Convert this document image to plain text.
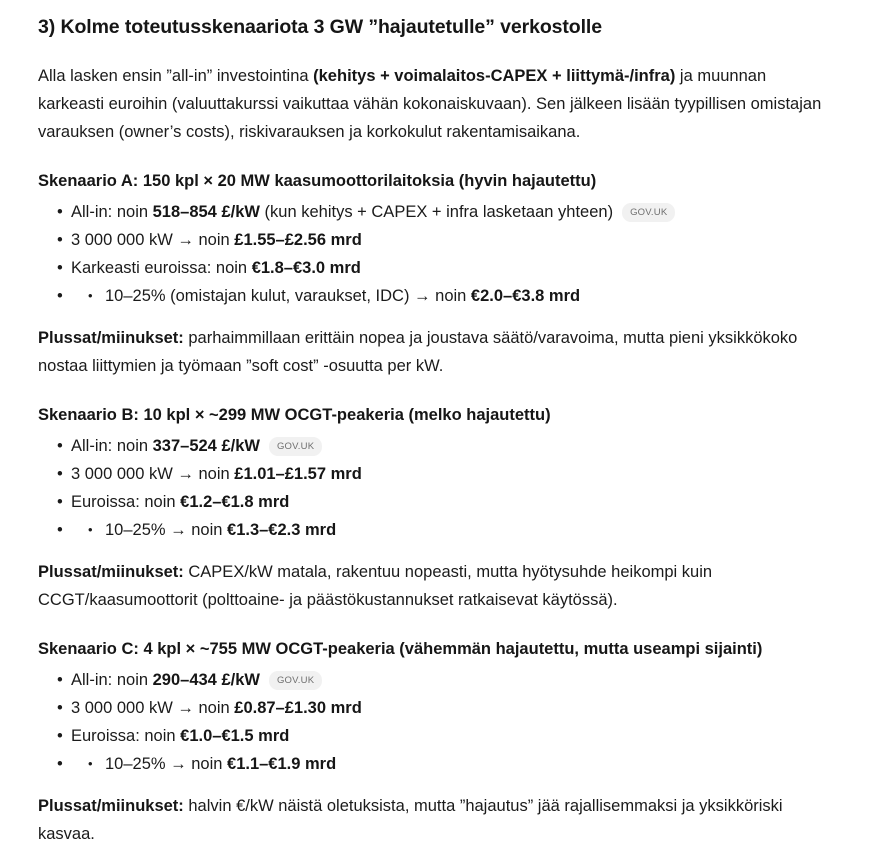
3) Kolme toteutusskenaariota 3 GW ”hajautetulle” verkostolle

Alla lasken ensin ”all-in” investointina (kehitys + voimalaitos-CAPEX + liittymä-/infra) ja muunnan karkeasti euroihin (valuuttakurssi vaikuttaa vähän kokonaiskuvaan). Sen jälkeen lisään tyypillisen omistajan varauksen (owner’s costs), riskivarauksen ja korkokulut rakentamisaikana.

Skenaario A: 150 kpl × 20 MW kaasumoottorilaitoksia (hyvin hajautettu)
• All-in: noin 518–854 £/kW (kun kehitys + CAPEX + infra lasketaan yhteen) GOV.UK
• 3 000 000 kW → noin £1.55–£2.56 mrd
• Karkeasti euroissa: noin €1.8–€3.0 mrd
• • 10–25% (omistajan kulut, varaukset, IDC) → noin €2.0–€3.8 mrd

Plussat/miinukset: parhaimmillaan erittäin nopea ja joustava säätö/varavoima, mutta pieni yksikkökoko nostaa liittymien ja työmaan ”soft cost” -osuutta per kW.

Skenaario B: 10 kpl × ~299 MW OCGT-peakeria (melko hajautettu)
• All-in: noin 337–524 £/kW GOV.UK
• 3 000 000 kW → noin £1.01–£1.57 mrd
• Euroissa: noin €1.2–€1.8 mrd
• • 10–25% → noin €1.3–€2.3 mrd

Plussat/miinukset: CAPEX/kW matala, rakentuu nopeasti, mutta hyötysuhde heikompi kuin CCGT/kaasumoottorit (polttoaine- ja päästökustannukset ratkaisevat käytössä).

Skenaario C: 4 kpl × ~755 MW OCGT-peakeria (vähemmän hajautettu, mutta useampi sijainti)
• All-in: noin 290–434 £/kW GOV.UK
• 3 000 000 kW → noin £0.87–£1.30 mrd
• Euroissa: noin €1.0–€1.5 mrd
• • 10–25% → noin €1.1–€1.9 mrd

Plussat/miinukset: halvin €/kW näistä oletuksista, mutta ”hajautus” jää rajallisemmaksi ja yksikköriski kasvaa.
